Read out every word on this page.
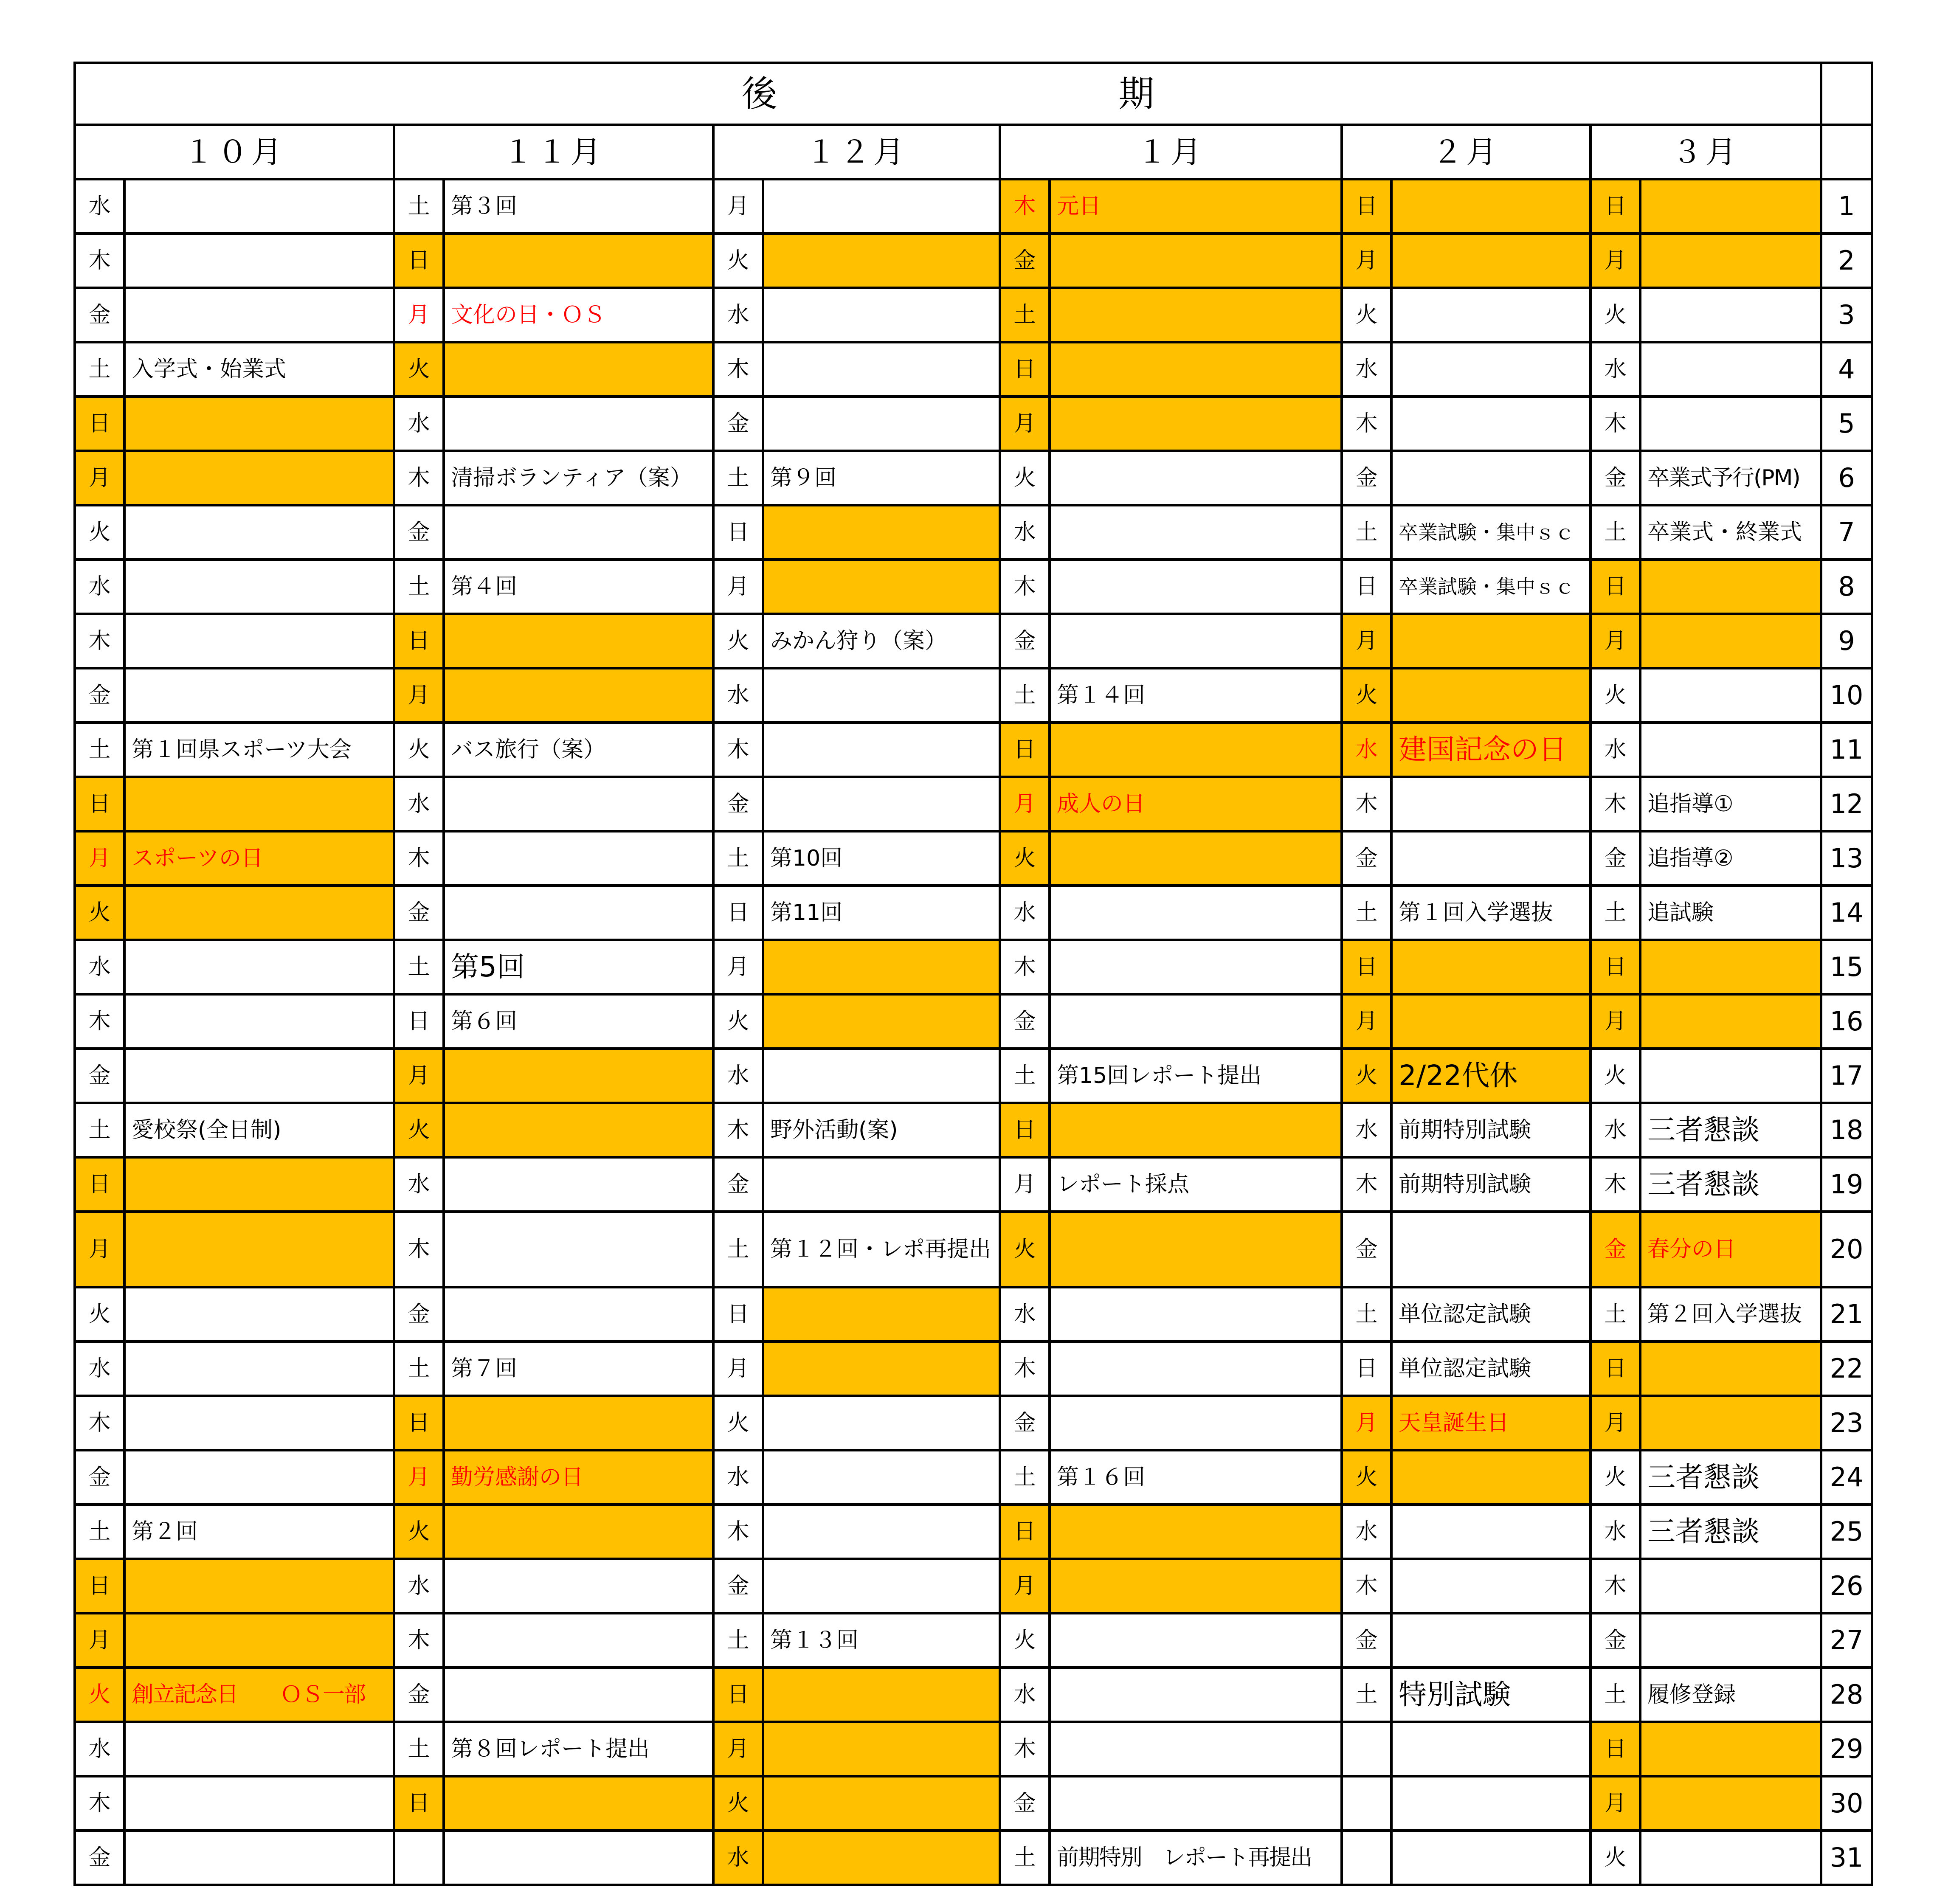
後　期												
１０月		１１月		１２月		１月		２月		３月		
水		土	第３回	月		木	元日	日		日		1
木		日		火		金		月		月		2
金		月	文化の日・ＯＳ	水		土		火		火		3
土	入学式・始業式	火		木		日		水		水		4
日		水		金		月		木		木		5
月		木	清掃ボランティア（案）	土	第９回	火		金		金	卒業式予行(PM)	6
火		金		日		水		土	卒業試験・集中ｓｃ	土	卒業式・終業式	7
水		土	第４回	月		木		日	卒業試験・集中ｓｃ	日		8
木		日		火	みかん狩り（案）	金		月		月		9
金		月		水		土	第１４回	火		火		10
土	第１回県スポーツ大会	火	バス旅行（案）	木		日		水	建国記念の日	水		11
日		水		金		月	成人の日	木		木	追指導①	12
月	スポーツの日	木		土	第10回	火		金		金	追指導②	13
火		金		日	第11回	水		土	第１回入学選抜	土	追試験	14
水		土	第5回	月		木		日		日		15
木		日	第６回	火		金		月		月		16
金		月		水		土	第15回レポート提出	火	2/22代休	火		17
土	愛校祭(全日制)	火		木	野外活動(案)	日		水	前期特別試験	水	三者懇談	18
日		水		金		月	レポート採点	木	前期特別試験	木	三者懇談	19
月		木		土	第１２回・レポ再提出	火		金		金	春分の日	20
火		金		日		水		土	単位認定試験	土	第２回入学選抜	21
水		土	第７回	月		木		日	単位認定試験	日		22
木		日		火		金		月	天皇誕生日	月		23
金		月	勤労感謝の日	水		土	第１６回	火		火	三者懇談	24
土	第２回	火		木		日		水		水	三者懇談	25
日		水		金		月		木		木		26
月		木		土	第１３回	火		金		金		27
火	創立記念日　　ＯＳ一部	金		日		水		土	特別試験	土	履修登録	28
水		土	第８回レポート提出	月		木				日		29
木		日		火		金				月		30
金				水		土	前期特別　レポート再提出			火		31
